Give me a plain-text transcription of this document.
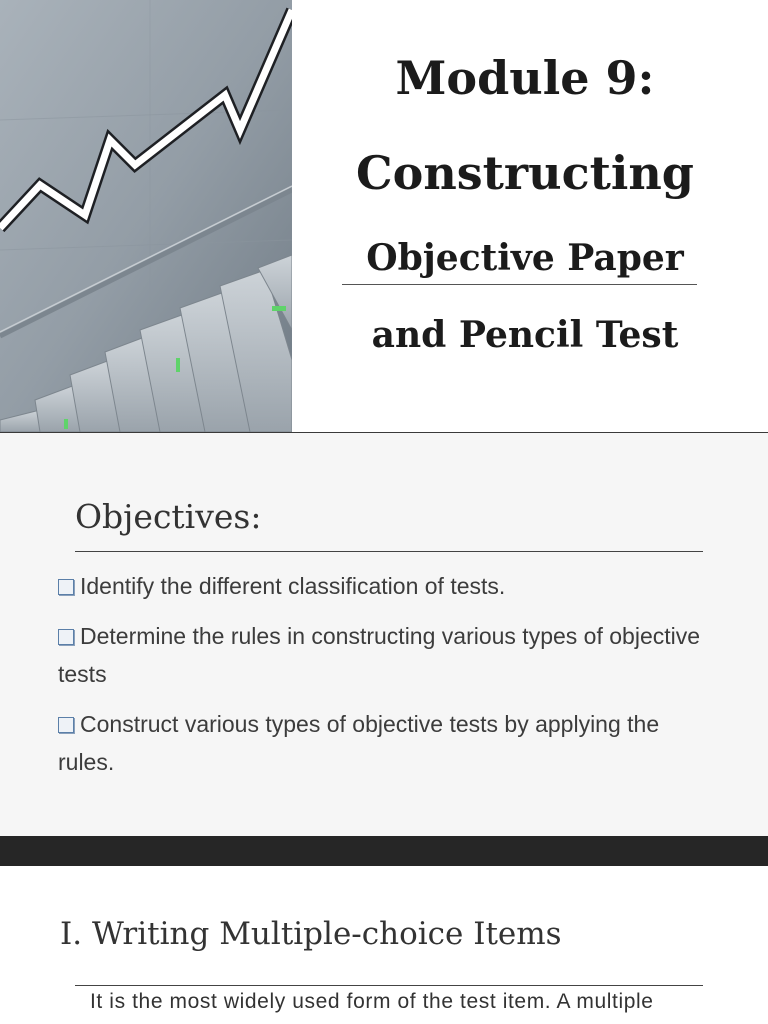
Module 9:
Constructing
Objective Paper
and Pencil Test
Objectives:
Identify the different classification of tests.
Determine the rules in constructing various types of objective tests
Construct various types of objective tests by applying the rules.
I. Writing Multiple-choice Items
It is the most widely used form of the test item. A multiple
